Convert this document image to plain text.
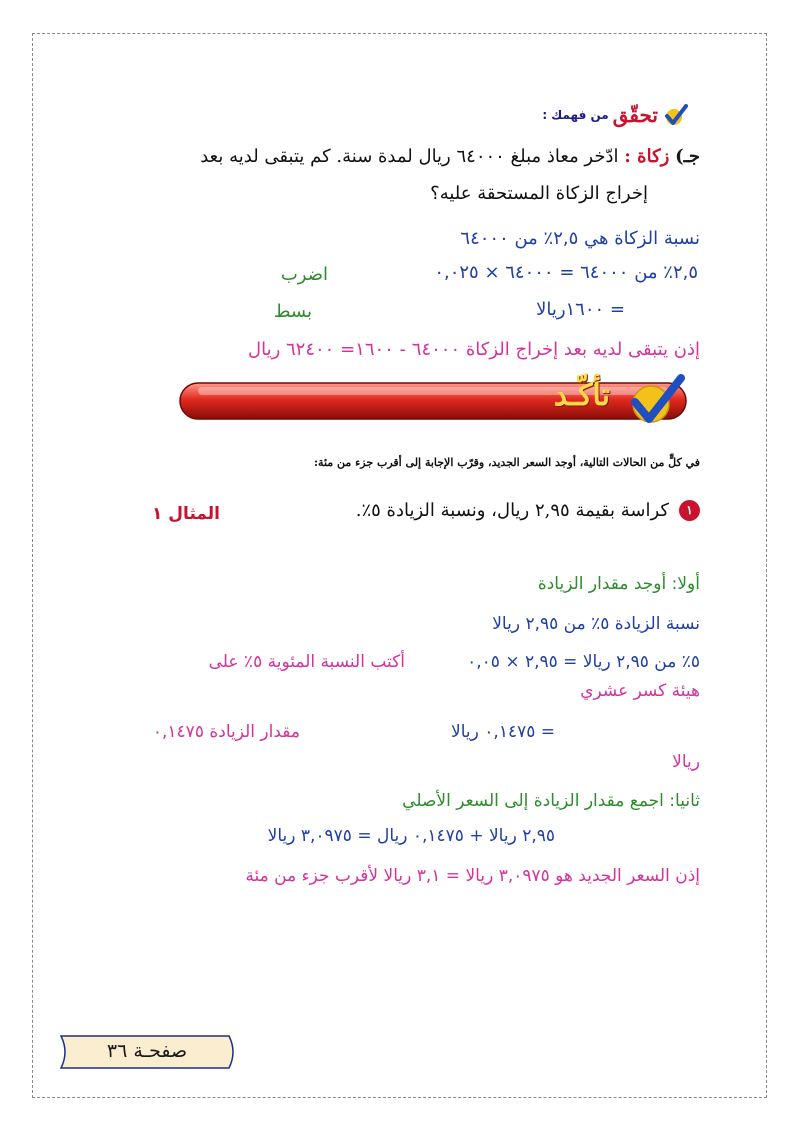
تحقّق
من فهمك :
جـ) زكاة : ادّخر معاذ مبلغ ٦٤٠٠٠ ريال لمدة سنة. كم يتبقى لديه بعد
إخراج الزكاة المستحقة عليه؟
نسبة الزكاة هي ٢,٥٪ من ٦٤٠٠٠
٢,٥٪ من ٦٤٠٠٠ = ٦٤٠٠٠ × ٠,٠٢٥
اضرب
= ١٦٠٠ريالا
بسط
إذن يتبقى لديه بعد إخراج الزكاة ٦٤٠٠٠ - ١٦٠٠= ٦٢٤٠٠ ريال
تأكّـد
في كلٍّ من الحالات التالية، أوجد السعر الجديد، وقرّب الإجابة إلى أقرب جزء من مئة:
١
كراسة بقيمة ٢,٩٥ ريال، ونسبة الزيادة ٥٪.
المثال ١
أولا: أوجد مقدار الزيادة
نسبة الزيادة ٥٪ من ٢,٩٥ ريالا
٥٪ من ٢,٩٥ ريالا = ٢,٩٥ × ٠,٠٥
أكتب النسبة المئوية ٥٪ على
هيئة كسر عشري
= ٠,١٤٧٥ ريالا
مقدار الزيادة ٠,١٤٧٥
ريالا
ثانيا: اجمع مقدار الزيادة إلى السعر الأصلي
٢,٩٥ ريالا + ٠,١٤٧٥ ريال = ٣,٠٩٧٥ ريالا
إذن السعر الجديد هو ٣,٠٩٧٥ ريالا = ٣,١ ريالا لأقرب جزء من مئة
صفحـة ٣٦
